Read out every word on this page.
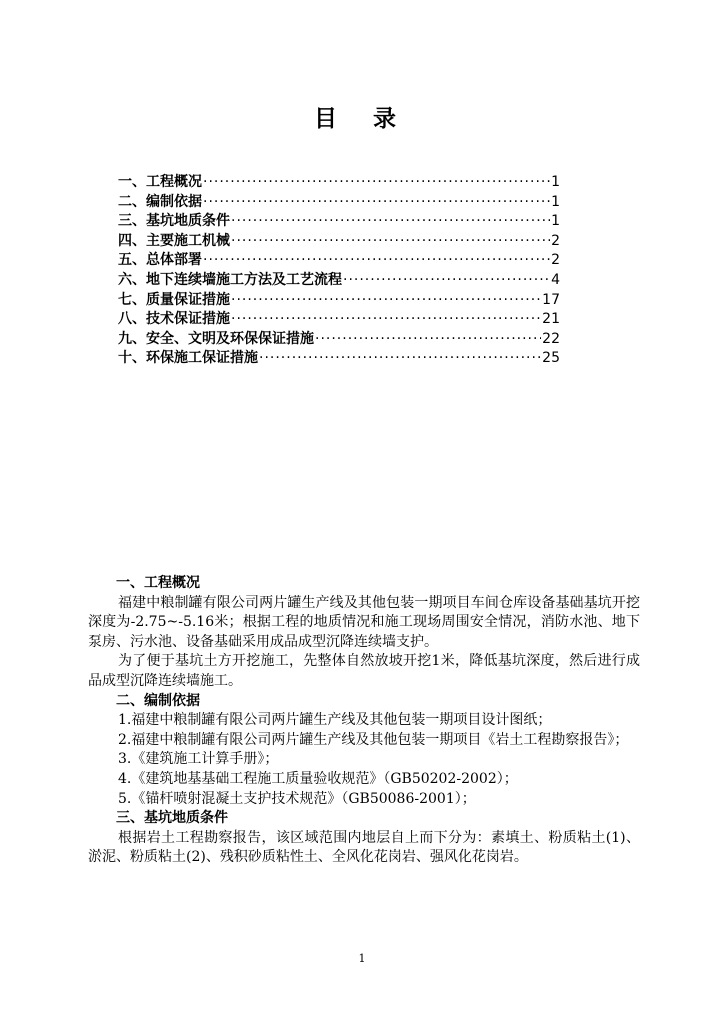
目 录
一、工程概况 ·····	1
二、编制依据 ·····	1
三、基坑地质条件 ·····	1
四、主要施工机械 ·····	2
五、总体部署 ·····	2
六、地下连续墙施工方法及工艺流程 ·····	4
七、质量保证措施 ·····	17
八、技术保证措施 ·····	21
九、安全、文明及环保保证措施 ·····	22
十、环保施工保证措施 ·····	25
一、工程概况
福建中粮制罐有限公司两片罐生产线及其他包装一期项目车间仓库设备基础基坑开挖深度为-2.75~-5.16米；根据工程的地质情况和施工现场周围安全情况，消防水池、地下泵房、污水池、设备基础采用成品成型沉降连续墙支护。
为了便于基坑土方开挖施工，先整体自然放坡开挖1米，降低基坑深度，然后进行成品成型沉降连续墙施工。
二、编制依据
1.福建中粮制罐有限公司两片罐生产线及其他包装一期项目设计图纸；
2.福建中粮制罐有限公司两片罐生产线及其他包装一期项目《岩土工程勘察报告》；
3.《建筑施工计算手册》；
4.《建筑地基基础工程施工质量验收规范》（GB50202-2002）；
5.《锚杆喷射混凝土支护技术规范》（GB50086-2001）；
三、基坑地质条件
根据岩土工程勘察报告，该区域范围内地层自上而下分为：素填土、粉质粘土(1)、淤泥、粉质粘土(2)、残积砂质粘性土、全风化花岗岩、强风化花岗岩。
1
